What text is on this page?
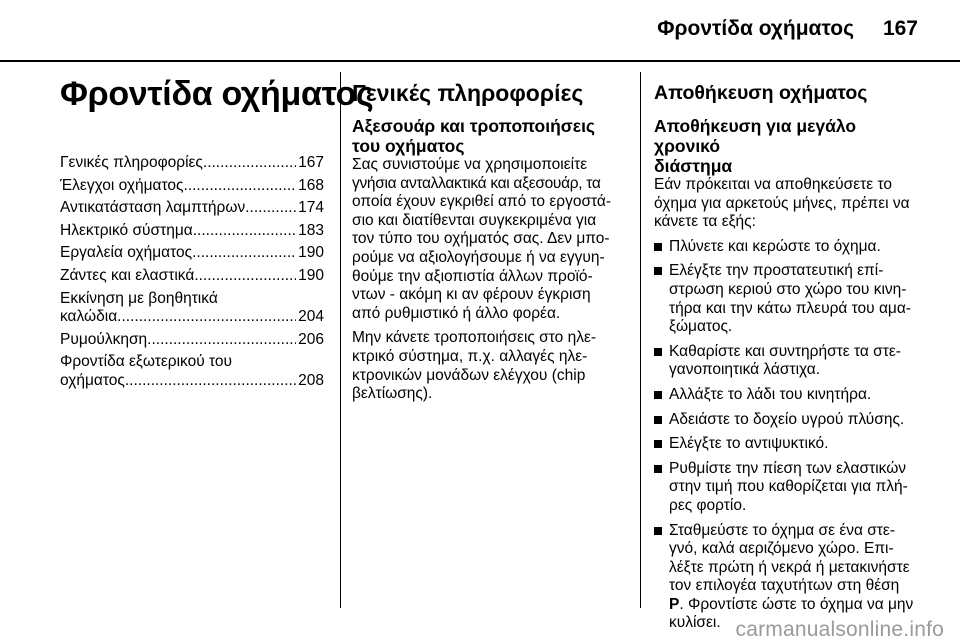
Φροντίδα οχήματος 167
Φροντίδα οχήματος
Γενικές πληροφορίες .....	167
Έλεγχοι οχήματος .....	168
Αντικατάσταση λαμπτήρων .....	174
Ηλεκτρικό σύστημα .....	183
Εργαλεία οχήματος .....	190
Ζάντες και ελαστικά .....	190
Εκκίνηση με βοηθητικά
καλώδια .....	204
Ρυμούλκηση .....	206
Φροντίδα εξωτερικού του
οχήματος .....	208
Γενικές πληροφορίες
Αξεσουάρ και τροποποιήσεις
του οχήματος
Σας συνιστούμε να χρησιμοποιείτε
γνήσια ανταλλακτικά και αξεσουάρ, τα
οποία έχουν εγκριθεί από το εργοστά-
σιο και διατίθενται συγκεκριμένα για
τον τύπο του οχήματός σας. Δεν μπο-
ρούμε να αξιολογήσουμε ή να εγγυη-
θούμε την αξιοπιστία άλλων προϊό-
ντων - ακόμη κι αν φέρουν έγκριση
από ρυθμιστικό ή άλλο φορέα.
Μην κάνετε τροποποιήσεις στο ηλε-
κτρικό σύστημα, π.χ. αλλαγές ηλε-
κτρονικών μονάδων ελέγχου (chip
βελτίωσης).
Αποθήκευση οχήματος
Αποθήκευση για μεγάλο χρονικό
διάστημα
Εάν πρόκειται να αποθηκεύσετε το
όχημα για αρκετούς μήνες, πρέπει να
κάνετε τα εξής:
Πλύνετε και κερώστε το όχημα.
Ελέγξτε την προστατευτική επί-
στρωση κεριού στο χώρο του κινη-
τήρα και την κάτω πλευρά του αμα-
ξώματος.
Καθαρίστε και συντηρήστε τα στε-
γανοποιητικά λάστιχα.
Αλλάξτε το λάδι του κινητήρα.
Αδειάστε το δοχείο υγρού πλύσης.
Ελέγξτε το αντιψυκτικό.
Ρυθμίστε την πίεση των ελαστικών
στην τιμή που καθορίζεται για πλή-
ρες φορτίο.
Σταθμεύστε το όχημα σε ένα στε-
γνό, καλά αεριζόμενο χώρο. Επι-
λέξτε πρώτη ή νεκρά ή μετακινήστε
τον επιλογέα ταχυτήτων στη θέση
P. Φροντίστε ώστε το όχημα να μην
κυλίσει. carmanualsonline.info
